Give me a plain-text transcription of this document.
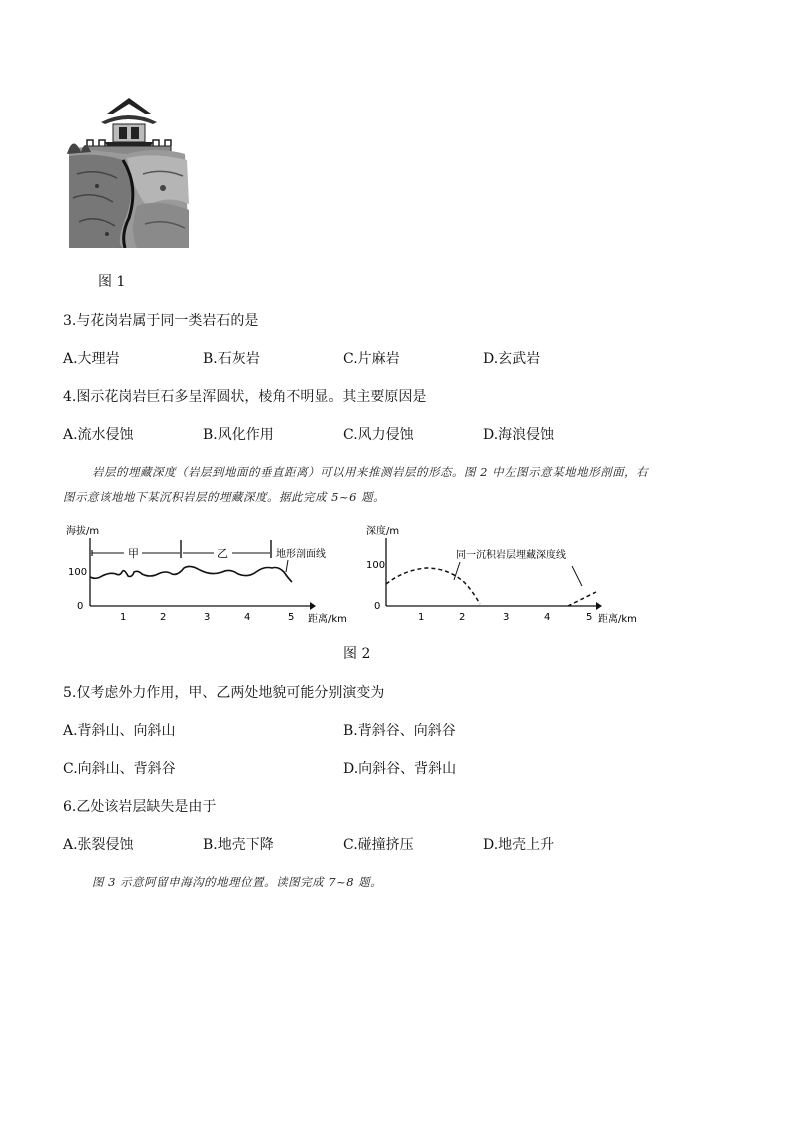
图 1
3.与花岗岩属于同一类岩石的是
A.大理岩	B.石灰岩	C.片麻岩	D.玄武岩
4.图示花岗岩巨石多呈浑圆状，棱角不明显。其主要原因是
A.流水侵蚀	B.风化作用	C.风力侵蚀	D.海浪侵蚀
岩层的埋藏深度（岩层到地面的垂直距离）可以用来推测岩层的形态。图 2 中左图示意某地地形剖面，右
图示意该地地下某沉积岩层的埋藏深度。据此完成 5~6 题。
海拔/m
100
0
1	2	3	4	5 距离/km
甲	乙	地形剖面线
深度/m
100
0
1	2	3	4	5 距离/km
同一沉积岩层埋藏深度线
图 2
5.仅考虑外力作用，甲、乙两处地貌可能分别演变为
A.背斜山、向斜山	B.背斜谷、向斜谷
C.向斜山、背斜谷	D.向斜谷、背斜山
6.乙处该岩层缺失是由于
A.张裂侵蚀	B.地壳下降	C.碰撞挤压	D.地壳上升
图 3 示意阿留申海沟的地理位置。读图完成 7~8 题。
